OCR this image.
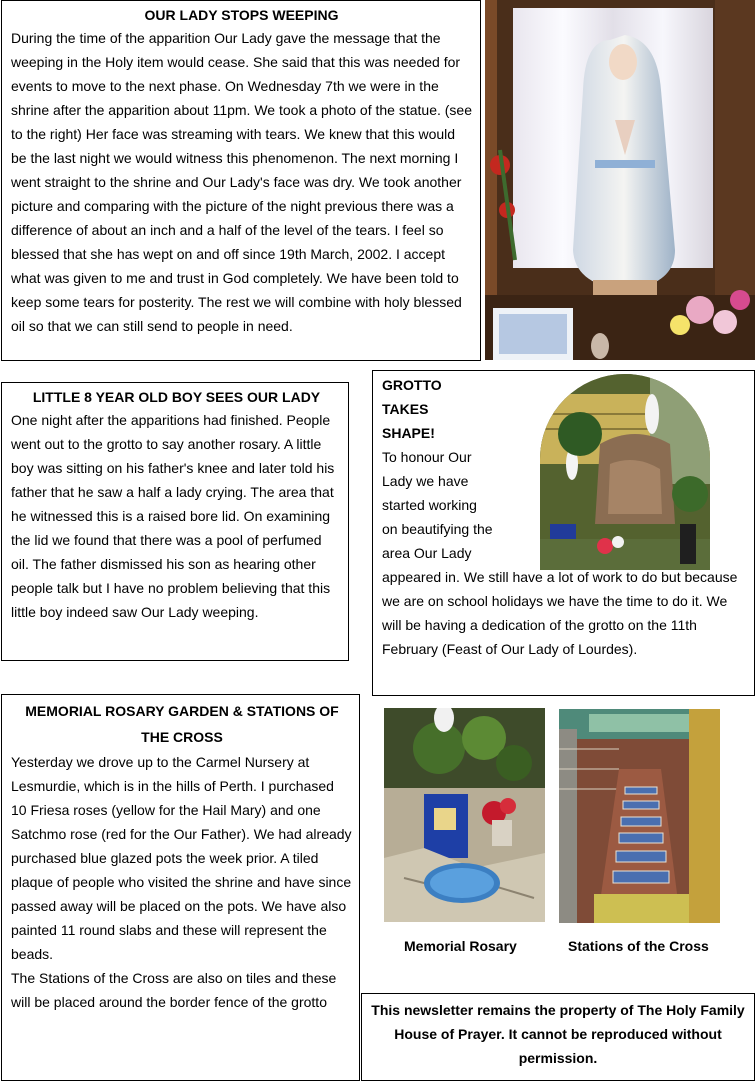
OUR LADY STOPS WEEPING
During the time of the apparition Our Lady gave the message that the weeping in the Holy item would cease. She said that this was needed for events to move to the next phase. On Wednesday 7th we were in the shrine after the apparition about 11pm. We took a photo of the statue. (see to the right) Her face was streaming with tears. We knew that this would be the last night we would witness this phenomenon. The next morning I went straight to the shrine and Our Lady's face was dry. We took another picture and comparing with the picture of the night previous there was a difference of about an inch and a half of the level of the tears. I feel so blessed that she has wept on and off since 19th March, 2002. I accept what was given to me and trust in God completely. We have been told to keep some tears for posterity. The rest we will combine with holy blessed oil so that we can still send to people in need.
LITTLE 8 YEAR OLD BOY SEES OUR LADY
One night after the apparitions had finished. People went out to the grotto to say another rosary. A little boy was sitting on his father's knee and later told his father that he saw a half a lady crying. The area that he witnessed this is a raised bore lid. On examining the lid we found that there was a pool of perfumed oil. The father dismissed his son as hearing other people talk but I have no problem believing that this little boy indeed saw Our Lady weeping.
GROTTO
TAKES
SHAPE!
To honour Our
Lady we have
started working
on beautifying the
area Our Lady
appeared in. We still have a lot of work to do but because we are on school holidays we have the time to do it. We will be having a dedication of the grotto on the 11th February (Feast of Our Lady of Lourdes).
MEMORIAL ROSARY GARDEN & STATIONS OF THE CROSS
Yesterday we drove up to the Carmel Nursery at Lesmurdie, which is in the hills of Perth. I purchased 10 Friesa roses (yellow for the Hail Mary) and one Satchmo rose (red for the Our Father). We had already purchased blue glazed pots the week prior. A tiled plaque of people who visited the shrine and have since passed away will be placed on the pots. We have also painted 11 round slabs and these will represent the beads.
The Stations of the Cross are also on tiles and these will be placed around the border fence of the grotto
Memorial Rosary	Stations of the Cross
This newsletter remains the property of The Holy Family House of Prayer. It cannot be reproduced without permission.
